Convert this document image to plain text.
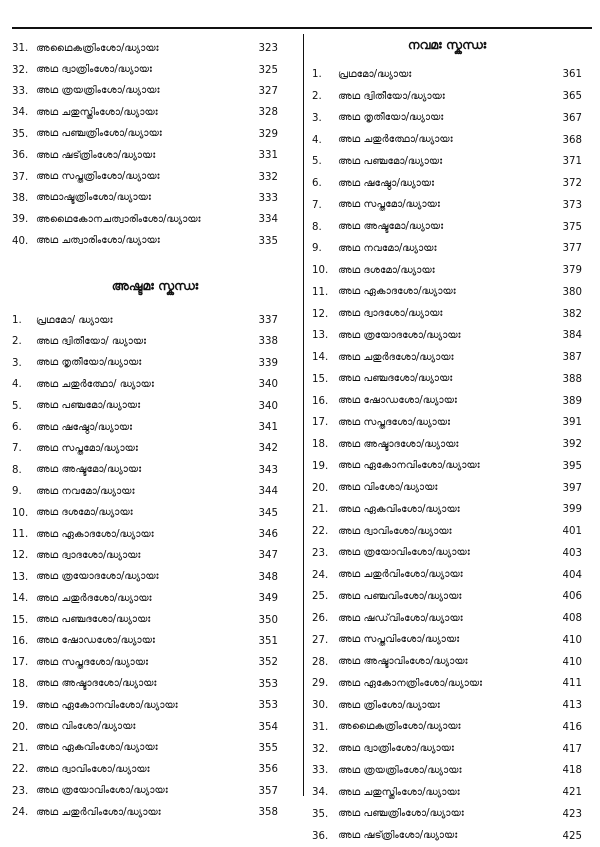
31. അഥൈകത്രിംശോ/ദ്ധ്യായഃ	323
32. അഥ ദ്വാത്രിംശോ/ദ്ധ്യായഃ	325
33. അഥ ത്രയത്രിംശോ/ദ്ധ്യായഃ	327
34. അഥ ചതുസ്ത്രിംശോ/ദ്ധ്യായഃ	328
35. അഥ പഞ്ചത്രിംശോ/ദ്ധ്യായഃ	329
36. അഥ ഷട്ത്രിംശോ/ദ്ധ്യായഃ	331
37. അഥ സപ്തത്രിംശോ/ദ്ധ്യായഃ	332
38. അഥാഷ്ടത്രിംശോ/ദ്ധ്യായഃ	333
39. അഥൈകോനചത്വാരിംശോ/ദ്ധ്യായഃ	334
40. അഥ ചത്വാരിംശോ/ദ്ധ്യായഃ	335
അഷ്ടമഃ സ്കന്ധഃ
1.	പ്രഥമോ/ ദ്ധ്യായഃ	337
2.	അഥ ദ്വിതീയോ/ ദ്ധ്യായഃ	338
3.	അഥ തൃതീയോ/ദ്ധ്യായഃ	339
4.	അഥ ചതുർത്ഥോ/ ദ്ധ്യായഃ	340
5.	അഥ പഞ്ചമോ/ദ്ധ്യായഃ	340
6.	അഥ ഷഷ്ഠോ/ദ്ധ്യായഃ	341
7.	അഥ സപ്തമോ/ദ്ധ്യായഃ	342
8.	അഥ അഷ്ടമോ/ദ്ധ്യായഃ	343
9.	അഥ നവമോ/ദ്ധ്യായഃ	344
10. അഥ ദശമോ/ദ്ധ്യായഃ	345
11. അഥ ഏകാദശോ/ദ്ധ്യായഃ	346
12. അഥ ദ്വാദശോ/ദ്ധ്യായഃ	347
13. അഥ ത്രയോദശോ/ദ്ധ്യായഃ	348
14. അഥ ചതുർദശോ/ദ്ധ്യായഃ	349
15. അഥ പഞ്ചദശോ/ദ്ധ്യായഃ	350
16. അഥ ഷോഡശോ/ദ്ധ്യായഃ	351
17. അഥ സപ്തദശോ/ദ്ധ്യായഃ	352
18. അഥ അഷ്ടാദശോ/ദ്ധ്യായഃ	353
19. അഥ ഏകോനവിംശോ/ദ്ധ്യായഃ	353
20. അഥ വിംശോ/ദ്ധ്യായഃ	354
21. അഥ ഏകവിംശോ/ദ്ധ്യായഃ	355
22. അഥ ദ്വാവിംശോ/ദ്ധ്യായഃ	356
23. അഥ ത്രയോവിംശോ/ദ്ധ്യായഃ	357
24. അഥ ചതുർവിംശോ/ദ്ധ്യായഃ	358
നവമഃ സ്കന്ധഃ
1.	പ്രഥമോ/ദ്ധ്യായഃ	361
2.	അഥ ദ്വിതീയോ/ദ്ധ്യായഃ	365
3.	അഥ തൃതീയോ/ദ്ധ്യായഃ	367
4.	അഥ ചതുർത്ഥോ/ദ്ധ്യായഃ	368
5.	അഥ പഞ്ചമോ/ദ്ധ്യായഃ	371
6.	അഥ ഷഷ്ഠോ/ദ്ധ്യായഃ	372
7.	അഥ സപ്തമോ/ദ്ധ്യായഃ	373
8.	അഥ അഷ്ടമോ/ദ്ധ്യായഃ	375
9.	അഥ നവമോ/ദ്ധ്യായഃ	377
10. അഥ ദശമോ/ദ്ധ്യായഃ	379
11. അഥ ഏകാദശോ/ദ്ധ്യായഃ	380
12. അഥ ദ്വാദശോ/ദ്ധ്യായഃ	382
13. അഥ ത്രയോദശോ/ദ്ധ്യായഃ	384
14. അഥ ചതുർദശോ/ദ്ധ്യായഃ	387
15. അഥ പഞ്ചദശോ/ദ്ധ്യായഃ	388
16. അഥ ഷോഡശോ/ദ്ധ്യായഃ	389
17. അഥ സപ്തദശോ/ദ്ധ്യായഃ	391
18. അഥ അഷ്ടാദശോ/ദ്ധ്യായഃ	392
19. അഥ ഏകോനവിംശോ/ദ്ധ്യായഃ	395
20. അഥ വിംശോ/ദ്ധ്യായഃ	397
21. അഥ ഏകവിംശോ/ദ്ധ്യായഃ	399
22. അഥ ദ്വാവിംശോ/ദ്ധ്യായഃ	401
23. അഥ ത്രയോവിംശോ/ദ്ധ്യായഃ	403
24. അഥ ചതുർവിംശോ/ദ്ധ്യായഃ	404
25. അഥ പഞ്ചവിംശോ/ദ്ധ്യായഃ	406
26. അഥ ഷഡ്‌വിംശോ/ദ്ധ്യായഃ	408
27. അഥ സപ്തവിംശോ/ദ്ധ്യായഃ	410
28. അഥ അഷ്ടാവിംശോ/ദ്ധ്യായഃ	410
29. അഥ ഏകോനത്രിംശോ/ദ്ധ്യായഃ	411
30. അഥ ത്രിംശോ/ദ്ധ്യായഃ	413
31. അഥൈകത്രിംശോ/ദ്ധ്യായഃ	416
32. അഥ ദ്വാത്രിംശോ/ദ്ധ്യായഃ	417
33. അഥ ത്രയത്രിംശോ/ദ്ധ്യായഃ	418
34. അഥ ചതുസ്ത്രിംശോ/ദ്ധ്യായഃ	421
35. അഥ പഞ്ചത്രിംശോ/ദ്ധ്യായഃ	423
36. അഥ ഷട്ത്രിംശോ/ദ്ധ്യായഃ	425
